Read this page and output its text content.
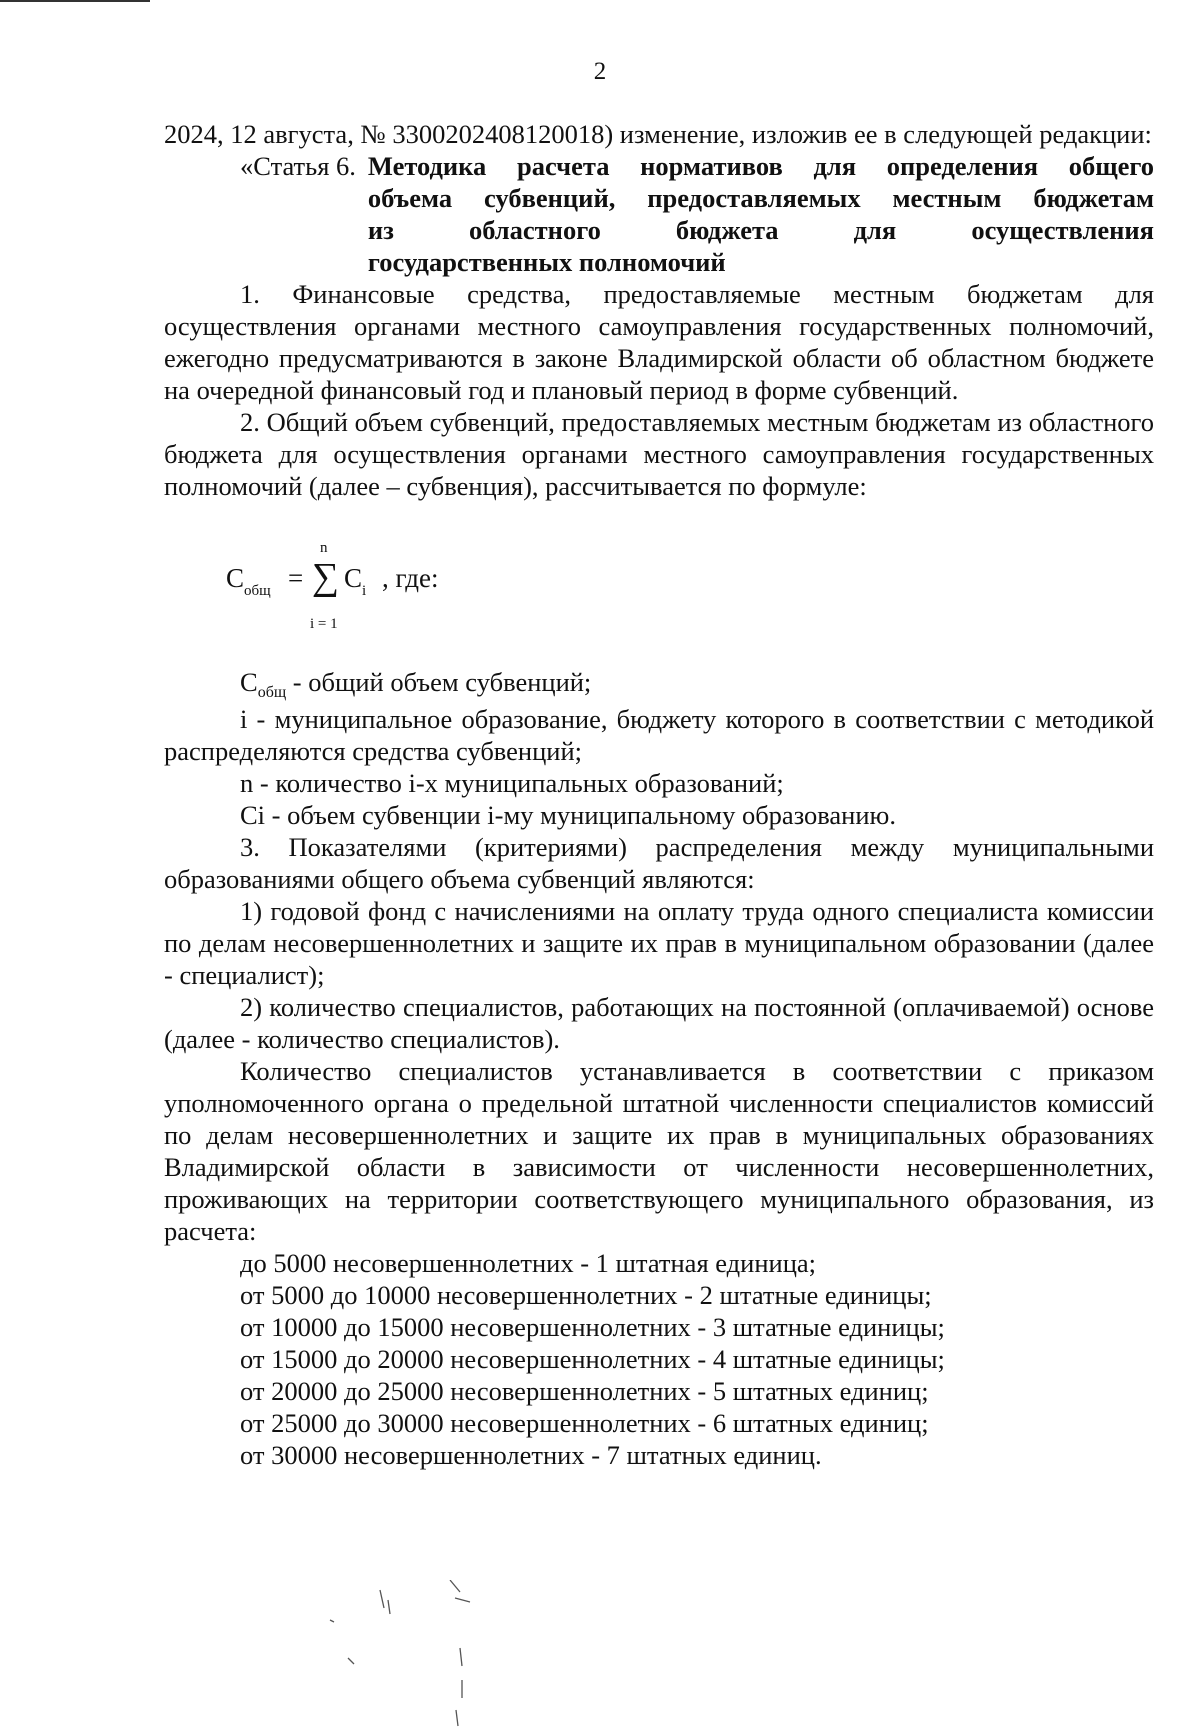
2

2024, 12 августа, № 3300202408120018) изменение, изложив ее в следующей редакции:

«Статья 6. Методика расчета нормативов для определения общего
объема субвенций, предоставляемых местным бюджетам
из областного бюджета для осуществления
государственных полномочий

1. Финансовые средства, предоставляемые местным бюджетам для осуществления органами местного самоуправления государственных полномочий, ежегодно предусматриваются в законе Владимирской области об областном бюджете на очередной финансовый год и плановый период в форме субвенций.

2. Общий объем субвенций, предоставляемых местным бюджетам из областного бюджета для осуществления органами местного самоуправления государственных полномочий (далее – субвенция), рассчитывается по формуле:

$C_{общ}$ =
n
∑
i = 1
$C_i$ , где:

$C_{общ}$ - общий объем субвенций;

i - муниципальное образование, бюджету которого в соответствии с методикой распределяются средства субвенций;

n - количество i-х муниципальных образований;

Ci - объем субвенции i-му муниципальному образованию.

3. Показателями (критериями) распределения между муниципальными образованиями общего объема субвенций являются:

1) годовой фонд с начислениями на оплату труда одного специалиста комиссии по делам несовершеннолетних и защите их прав в муниципальном образовании (далее - специалист);

2) количество специалистов, работающих на постоянной (оплачиваемой) основе (далее - количество специалистов).

Количество специалистов устанавливается в соответствии с приказом уполномоченного органа о предельной штатной численности специалистов комиссий по делам несовершеннолетних и защите их прав в муниципальных образованиях Владимирской области в зависимости от численности несовершеннолетних, проживающих на территории соответствующего муниципального образования, из расчета:

до 5000 несовершеннолетних - 1 штатная единица;

от 5000 до 10000 несовершеннолетних - 2 штатные единицы;

от 10000 до 15000 несовершеннолетних - 3 штатные единицы;

от 15000 до 20000 несовершеннолетних - 4 штатные единицы;

от 20000 до 25000 несовершеннолетних - 5 штатных единиц;

от 25000 до 30000 несовершеннолетних - 6 штатных единиц;

от 30000 несовершеннолетних - 7 штатных единиц.
